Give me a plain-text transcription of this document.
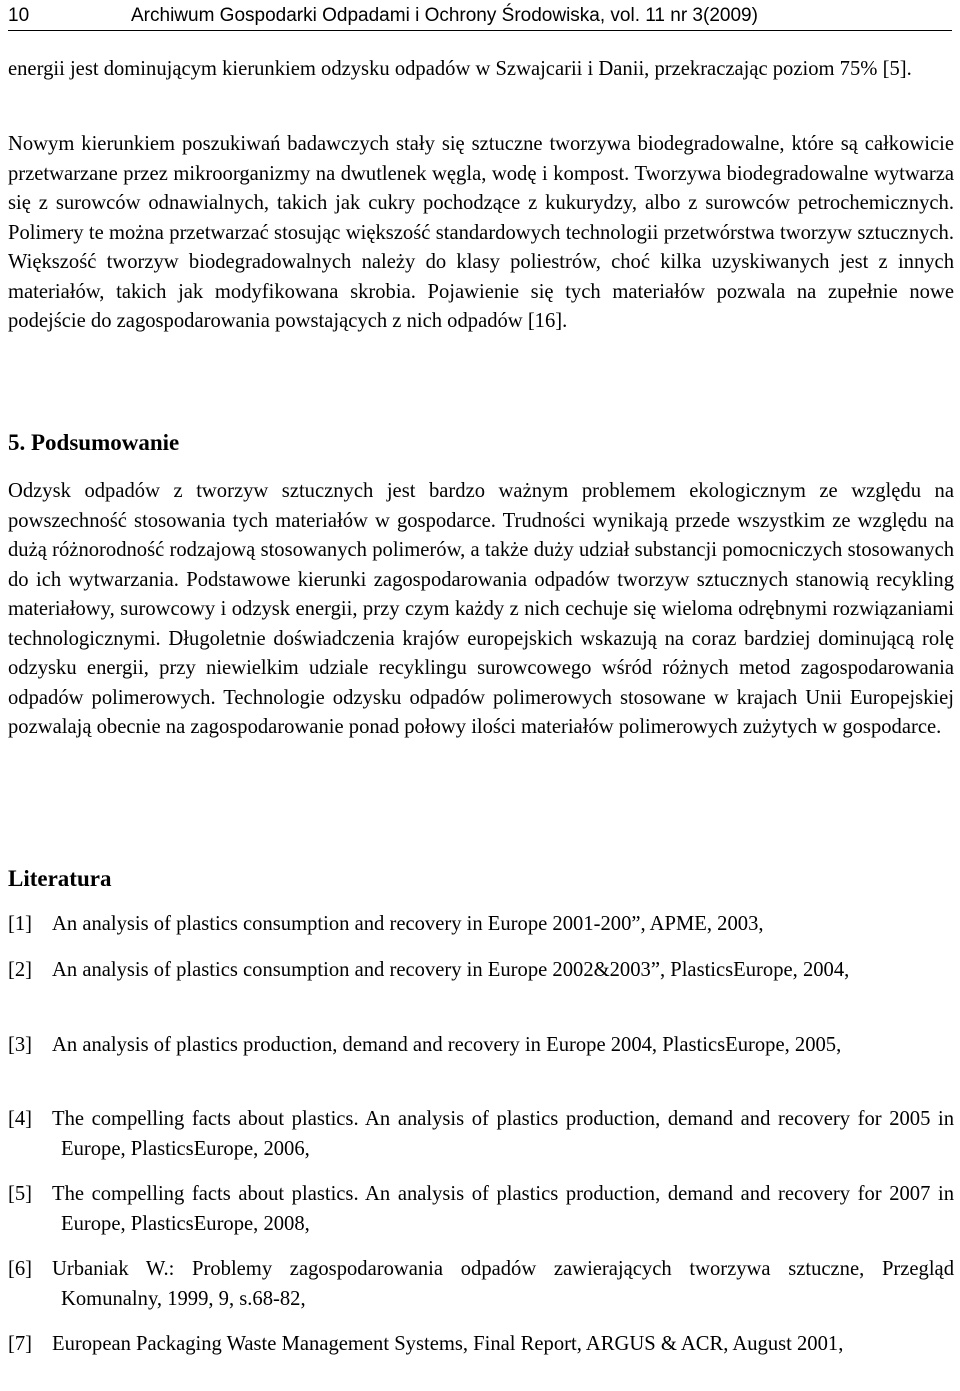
10	Archiwum Gospodarki Odpadami i Ochrony Środowiska, vol. 11 nr 3(2009)

energii jest dominującym kierunkiem odzysku odpadów w Szwajcarii i Danii, przekraczając poziom 75% [5].

Nowym kierunkiem poszukiwań badawczych stały się sztuczne tworzywa biodegradowalne, które są całkowicie przetwarzane przez mikroorganizmy na dwutlenek węgla, wodę i kompost. Tworzywa biodegradowalne wytwarza się z surowców odnawialnych, takich jak cukry pochodzące z kukurydzy, albo z surowców petrochemicznych. Polimery te można przetwarzać stosując większość standardowych technologii przetwórstwa tworzyw sztucznych. Większość tworzyw biodegradowalnych należy do klasy poliestrów, choć kilka uzyskiwanych jest z innych materiałów, takich jak modyfikowana skrobia. Pojawienie się tych materiałów pozwala na zupełnie nowe podejście do zagospodarowania powstających z nich odpadów [16].

5. Podsumowanie

Odzysk odpadów z tworzyw sztucznych jest bardzo ważnym problemem ekologicznym ze względu na powszechność stosowania tych materiałów w gospodarce. Trudności wynikają przede wszystkim ze względu na dużą różnorodność rodzajową stosowanych polimerów, a także duży udział substancji pomocniczych stosowanych do ich wytwarzania. Podstawowe kierunki zagospodarowania odpadów tworzyw sztucznych stanowią recykling materiałowy, surowcowy i odzysk energii, przy czym każdy z nich cechuje się wieloma odrębnymi rozwiązaniami technologicznymi. Długoletnie doświadczenia krajów europejskich wskazują na coraz bardziej dominującą rolę odzysku energii, przy niewielkim udziale recyklingu surowcowego wśród różnych metod zagospodarowania odpadów polimerowych. Technologie odzysku odpadów polimerowych stosowane w krajach Unii Europejskiej pozwalają obecnie na zagospodarowanie ponad połowy ilości materiałów polimerowych zużytych w gospodarce.

Literatura

[1] An analysis of plastics consumption and recovery in Europe 2001-200”, APME, 2003,

[2] An analysis of plastics consumption and recovery in Europe 2002&2003”, PlasticsEurope, 2004,

[3] An analysis of plastics production, demand and recovery in Europe 2004, PlasticsEurope, 2005,

[4] The compelling facts about plastics. An analysis of plastics production, demand and recovery for 2005 in Europe, PlasticsEurope, 2006,

[5] The compelling facts about plastics. An analysis of plastics production, demand and recovery for 2007 in Europe, PlasticsEurope, 2008,

[6] Urbaniak W.: Problemy zagospodarowania odpadów zawierających tworzywa sztuczne, Przegląd Komunalny, 1999, 9, s.68-82,

[7] European Packaging Waste Management Systems, Final Report, ARGUS & ACR, August 2001,
